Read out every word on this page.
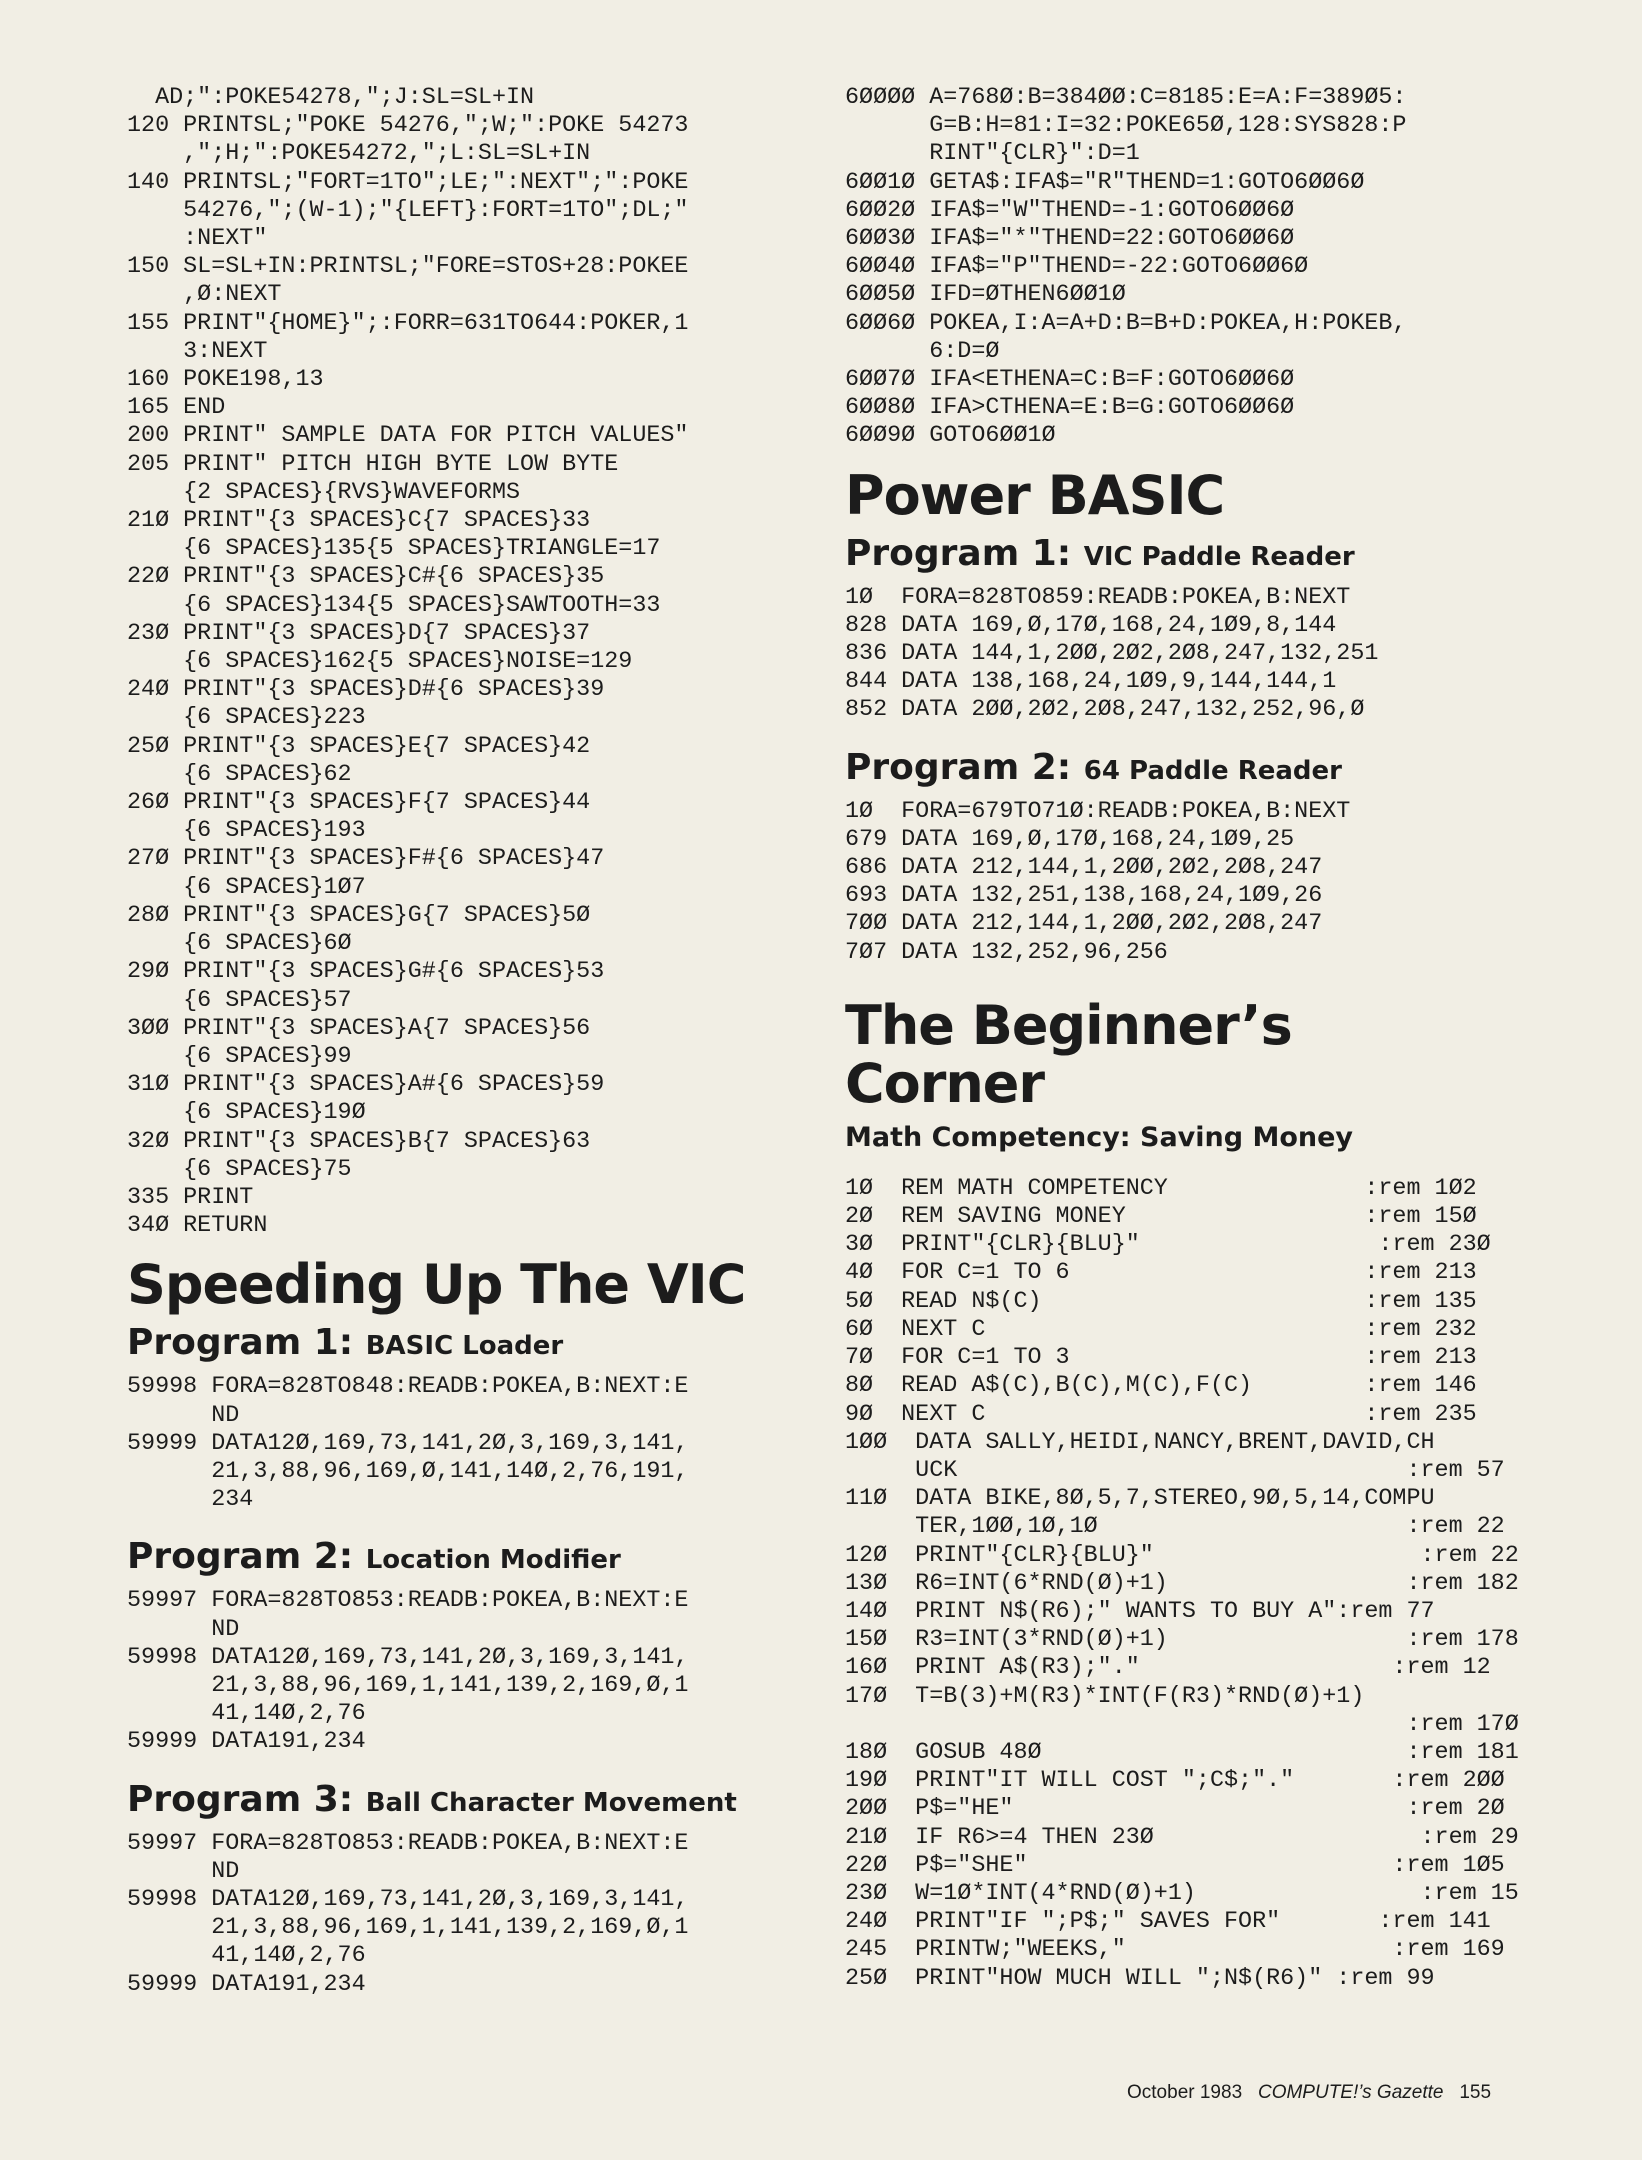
AD;":POKE54278,";J:SL=SL+IN
120 PRINTSL;"POKE 54276,";W;":POKE 54273
,";H;":POKE54272,";L:SL=SL+IN
140 PRINTSL;"FORT=1TO";LE;":NEXT";":POKE
54276,";(W-1);"{LEFT}:FORT=1TO";DL;"
:NEXT"
150 SL=SL+IN:PRINTSL;"FORE=STOS+28:POKEE
,Ø:NEXT
155 PRINT"{HOME}";:FORR=631TO644:POKER,1
3:NEXT
160 POKE198,13
165 END
200 PRINT" SAMPLE DATA FOR PITCH VALUES"
205 PRINT" PITCH HIGH BYTE LOW BYTE
{2 SPACES}{RVS}WAVEFORMS
21Ø PRINT"{3 SPACES}C{7 SPACES}33
{6 SPACES}135{5 SPACES}TRIANGLE=17
22Ø PRINT"{3 SPACES}C#{6 SPACES}35
{6 SPACES}134{5 SPACES}SAWTOOTH=33
23Ø PRINT"{3 SPACES}D{7 SPACES}37
{6 SPACES}162{5 SPACES}NOISE=129
24Ø PRINT"{3 SPACES}D#{6 SPACES}39
{6 SPACES}223
25Ø PRINT"{3 SPACES}E{7 SPACES}42
{6 SPACES}62
26Ø PRINT"{3 SPACES}F{7 SPACES}44
{6 SPACES}193
27Ø PRINT"{3 SPACES}F#{6 SPACES}47
{6 SPACES}1Ø7
28Ø PRINT"{3 SPACES}G{7 SPACES}5Ø
{6 SPACES}6Ø
29Ø PRINT"{3 SPACES}G#{6 SPACES}53
{6 SPACES}57
3ØØ PRINT"{3 SPACES}A{7 SPACES}56
{6 SPACES}99
31Ø PRINT"{3 SPACES}A#{6 SPACES}59
{6 SPACES}19Ø
32Ø PRINT"{3 SPACES}B{7 SPACES}63
{6 SPACES}75
335 PRINT
34Ø RETURN
Speeding Up The VIC
Program 1: BASIC Loader
59998 FORA=828TO848:READB:POKEA,B:NEXT:E
ND
59999 DATA12Ø,169,73,141,2Ø,3,169,3,141,
21,3,88,96,169,Ø,141,14Ø,2,76,191,
234
Program 2: Location Modifier
59997 FORA=828TO853:READB:POKEA,B:NEXT:E
ND
59998 DATA12Ø,169,73,141,2Ø,3,169,3,141,
21,3,88,96,169,1,141,139,2,169,Ø,1
41,14Ø,2,76
59999 DATA191,234
Program 3: Ball Character Movement
59997 FORA=828TO853:READB:POKEA,B:NEXT:E
ND
59998 DATA12Ø,169,73,141,2Ø,3,169,3,141,
21,3,88,96,169,1,141,139,2,169,Ø,1
41,14Ø,2,76
59999 DATA191,234
6ØØØØ A=768Ø:B=384ØØ:C=8185:E=A:F=389Ø5:
G=B:H=81:I=32:POKE65Ø,128:SYS828:P
RINT"{CLR}":D=1
6ØØ1Ø GETA$:IFA$="R"THEND=1:GOTO6ØØ6Ø
6ØØ2Ø IFA$="W"THEND=-1:GOTO6ØØ6Ø
6ØØ3Ø IFA$="*"THEND=22:GOTO6ØØ6Ø
6ØØ4Ø IFA$="P"THEND=-22:GOTO6ØØ6Ø
6ØØ5Ø IFD=ØTHEN6ØØ1Ø
6ØØ6Ø POKEA,I:A=A+D:B=B+D:POKEA,H:POKEB,
6:D=Ø
6ØØ7Ø IFA<ETHENA=C:B=F:GOTO6ØØ6Ø
6ØØ8Ø IFA>CTHENA=E:B=G:GOTO6ØØ6Ø
6ØØ9Ø GOTO6ØØ1Ø
Power BASIC
Program 1: VIC Paddle Reader
1Ø  FORA=828TO859:READB:POKEA,B:NEXT
828 DATA 169,Ø,17Ø,168,24,1Ø9,8,144
836 DATA 144,1,2ØØ,2Ø2,2Ø8,247,132,251
844 DATA 138,168,24,1Ø9,9,144,144,1
852 DATA 2ØØ,2Ø2,2Ø8,247,132,252,96,Ø
Program 2: 64 Paddle Reader
1Ø  FORA=679TO71Ø:READB:POKEA,B:NEXT
679 DATA 169,Ø,17Ø,168,24,1Ø9,25
686 DATA 212,144,1,2ØØ,2Ø2,2Ø8,247
693 DATA 132,251,138,168,24,1Ø9,26
7ØØ DATA 212,144,1,2ØØ,2Ø2,2Ø8,247
7Ø7 DATA 132,252,96,256
The Beginner’s
Corner
Math Competency: Saving Money
1Ø  REM MATH COMPETENCY              :rem 1Ø2
2Ø  REM SAVING MONEY                 :rem 15Ø
3Ø  PRINT"{CLR}{BLU}"                 :rem 23Ø
4Ø  FOR C=1 TO 6                     :rem 213
5Ø  READ N$(C)                       :rem 135
6Ø  NEXT C                           :rem 232
7Ø  FOR C=1 TO 3                     :rem 213
8Ø  READ A$(C),B(C),M(C),F(C)        :rem 146
9Ø  NEXT C                           :rem 235
1ØØ  DATA SALLY,HEIDI,NANCY,BRENT,DAVID,CH
UCK                                :rem 57
11Ø  DATA BIKE,8Ø,5,7,STEREO,9Ø,5,14,COMPU
TER,1ØØ,1Ø,1Ø                      :rem 22
12Ø  PRINT"{CLR}{BLU}"                   :rem 22
13Ø  R6=INT(6*RND(Ø)+1)                 :rem 182
14Ø  PRINT N$(R6);" WANTS TO BUY A":rem 77
15Ø  R3=INT(3*RND(Ø)+1)                 :rem 178
16Ø  PRINT A$(R3);"."                  :rem 12
17Ø  T=B(3)+M(R3)*INT(F(R3)*RND(Ø)+1)
:rem 17Ø
18Ø  GOSUB 48Ø                          :rem 181
19Ø  PRINT"IT WILL COST ";C$;"."       :rem 2ØØ
2ØØ  P$="HE"                            :rem 2Ø
21Ø  IF R6>=4 THEN 23Ø                   :rem 29
22Ø  P$="SHE"                          :rem 1Ø5
23Ø  W=1Ø*INT(4*RND(Ø)+1)                :rem 15
24Ø  PRINT"IF ";P$;" SAVES FOR"       :rem 141
245  PRINTW;"WEEKS,"                   :rem 169
25Ø  PRINT"HOW MUCH WILL ";N$(R6)" :rem 99
October 1983 COMPUTE!’s Gazette 155
